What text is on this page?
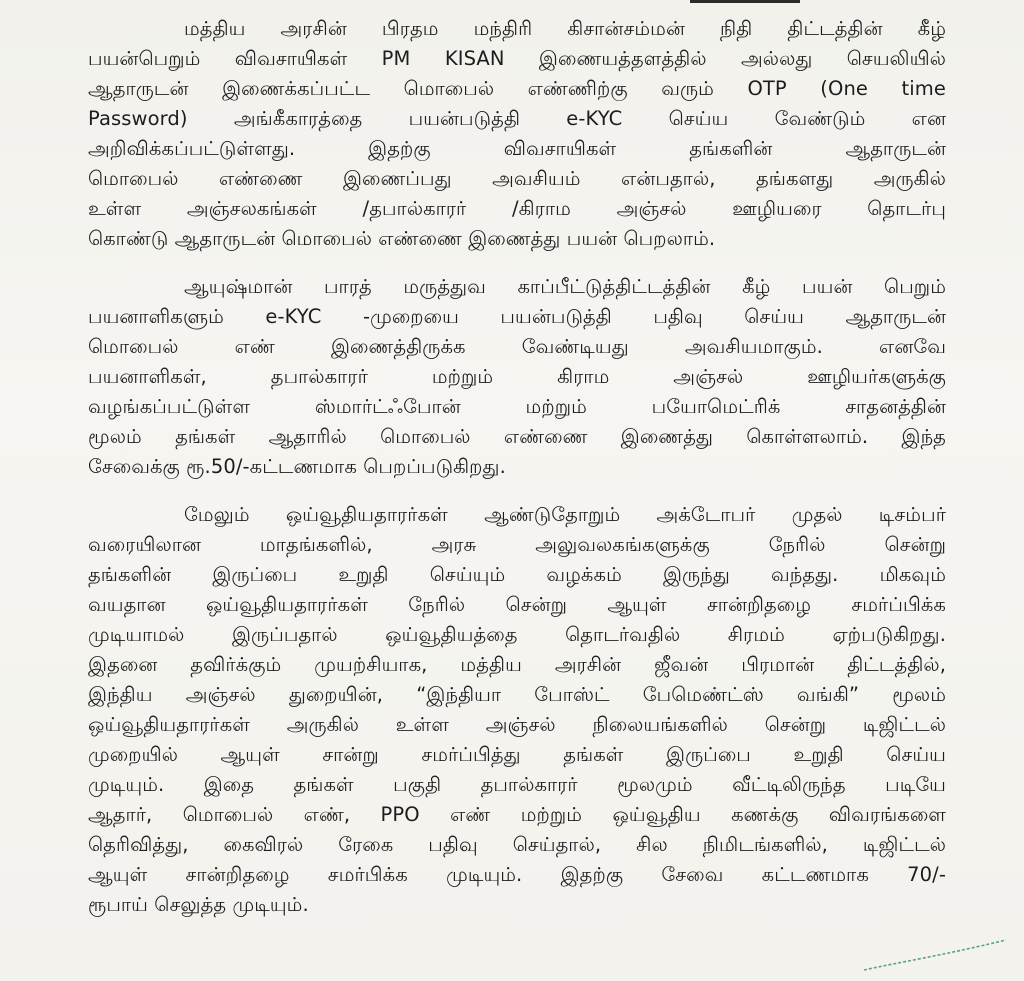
மத்திய அரசின் பிரதம மந்திரி கிசான்சம்மன் நிதி திட்டத்தின் கீழ்
பயன்பெறும் விவசாயிகள் PM KISAN இணையத்தளத்தில் அல்லது செயலியில்
ஆதாருடன் இணைக்கப்பட்ட மொபைல் எண்ணிற்கு வரும் OTP (One time
Password) அங்கீகாரத்தை பயன்படுத்தி e-KYC செய்ய வேண்டும் என
அறிவிக்கப்பட்டுள்ளது. இதற்கு விவசாயிகள் தங்களின் ஆதாருடன்
மொபைல் எண்ணை இணைப்பது அவசியம் என்பதால், தங்களது அருகில்
உள்ள அஞ்சலகங்கள் /தபால்காரர் /கிராம அஞ்சல் ஊழியரை தொடர்பு
கொண்டு ஆதாருடன் மொபைல் எண்ணை இணைத்து பயன் பெறலாம்.
ஆயுஷ்மான் பாரத் மருத்துவ காப்பீட்டுத்திட்டத்தின் கீழ் பயன் பெறும்
பயனாளிகளும் e-KYC -முறையை பயன்படுத்தி பதிவு செய்ய ஆதாருடன்
மொபைல் எண் இணைத்திருக்க வேண்டியது அவசியமாகும். எனவே
பயனாளிகள், தபால்காரர் மற்றும் கிராம அஞ்சல் ஊழியர்களுக்கு
வழங்கப்பட்டுள்ள ஸ்மார்ட்ஃபோன் மற்றும் பயோமெட்ரிக் சாதனத்தின்
மூலம் தங்கள் ஆதாரில் மொபைல் எண்ணை இணைத்து கொள்ளலாம். இந்த
சேவைக்கு ரூ.50/-கட்டணமாக பெறப்படுகிறது.
மேலும் ஒய்வூதியதாரர்கள் ஆண்டுதோறும் அக்டோபர் முதல் டிசம்பர்
வரையிலான மாதங்களில், அரசு அலுவலகங்களுக்கு நேரில் சென்று
தங்களின் இருப்பை உறுதி செய்யும் வழக்கம் இருந்து வந்தது. மிகவும்
வயதான ஒய்வூதியதாரர்கள் நேரில் சென்று ஆயுள் சான்றிதழை சமர்ப்பிக்க
முடியாமல் இருப்பதால் ஒய்வூதியத்தை தொடர்வதில் சிரமம் ஏற்படுகிறது.
இதனை தவிர்க்கும் முயற்சியாக, மத்திய அரசின் ஜீவன் பிரமான் திட்டத்தில்,
இந்திய அஞ்சல் துறையின், “இந்தியா போஸ்ட் பேமெண்ட்ஸ் வங்கி” மூலம்
ஒய்வூதியதாரர்கள் அருகில் உள்ள அஞ்சல் நிலையங்களில் சென்று டிஜிட்டல்
முறையில் ஆயுள் சான்று சமர்ப்பித்து தங்கள் இருப்பை உறுதி செய்ய
முடியும். இதை தங்கள் பகுதி தபால்காரர் மூலமும் வீட்டிலிருந்த படியே
ஆதார், மொபைல் எண், PPO எண் மற்றும் ஒய்வூதிய கணக்கு விவரங்களை
தெரிவித்து, கைவிரல் ரேகை பதிவு செய்தால், சில நிமிடங்களில், டிஜிட்டல்
ஆயுள் சான்றிதழை சமர்பிக்க முடியும். இதற்கு சேவை கட்டணமாக 70/-
ரூபாய் செலுத்த முடியும்.
